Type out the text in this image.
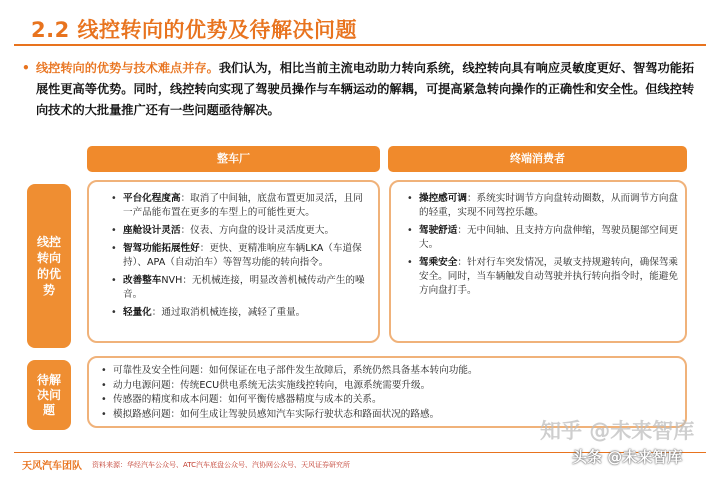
2.2 线控转向的优势及待解决问题
• 线控转向的优势与技术难点并存。我们认为，相比当前主流电动助力转向系统，线控转向具有响应灵敏度更好、智驾功能拓展性更高等优势。同时，线控转向实现了驾驶员操作与车辆运动的解耦，可提高紧急转向操作的正确性和安全性。但线控转向技术的大批量推广还有一些问题亟待解决。
整车厂	终端消费者
线控转向的优势
待解决问题
• 平台化程度高：取消了中间轴，底盘布置更加灵活，且同一产品能布置在更多的车型上的可能性更大。
• 座舱设计灵活：仪表、方向盘的设计灵活度更大。
• 智驾功能拓展性好：更快、更精准响应车辆LKA（车道保持）、APA（自动泊车）等智驾功能的转向指令。
• 改善整车NVH：无机械连接，明显改善机械传动产生的噪音。
• 轻量化：通过取消机械连接，减轻了重量。
• 操控感可调：系统实时调节方向盘转动圈数，从而调节方向盘的轻重，实现不同驾控乐趣。
• 驾驶舒适：无中间轴、且支持方向盘伸缩，驾驶员腿部空间更大。
• 驾乘安全：针对行车突发情况，灵敏支持规避转向，确保驾乘安全。同时，当车辆触发自动驾驶并执行转向指令时，能避免方向盘打手。
• 可靠性及安全性问题：如何保证在电子部件发生故障后，系统仍然具备基本转向功能。
• 动力电源问题：传统ECU供电系统无法实施线控转向，电源系统需要升级。
• 传感器的精度和成本问题：如何平衡传感器精度与成本的关系。
• 模拟路感问题：如何生成让驾驶员感知汽车实际行驶状态和路面状况的路感。
天风汽车团队 资料来源：华经汽车公众号、ATC汽车底盘公众号、汽协网公众号、天风证券研究所
知乎 @未来智库
头条 @未来智库
